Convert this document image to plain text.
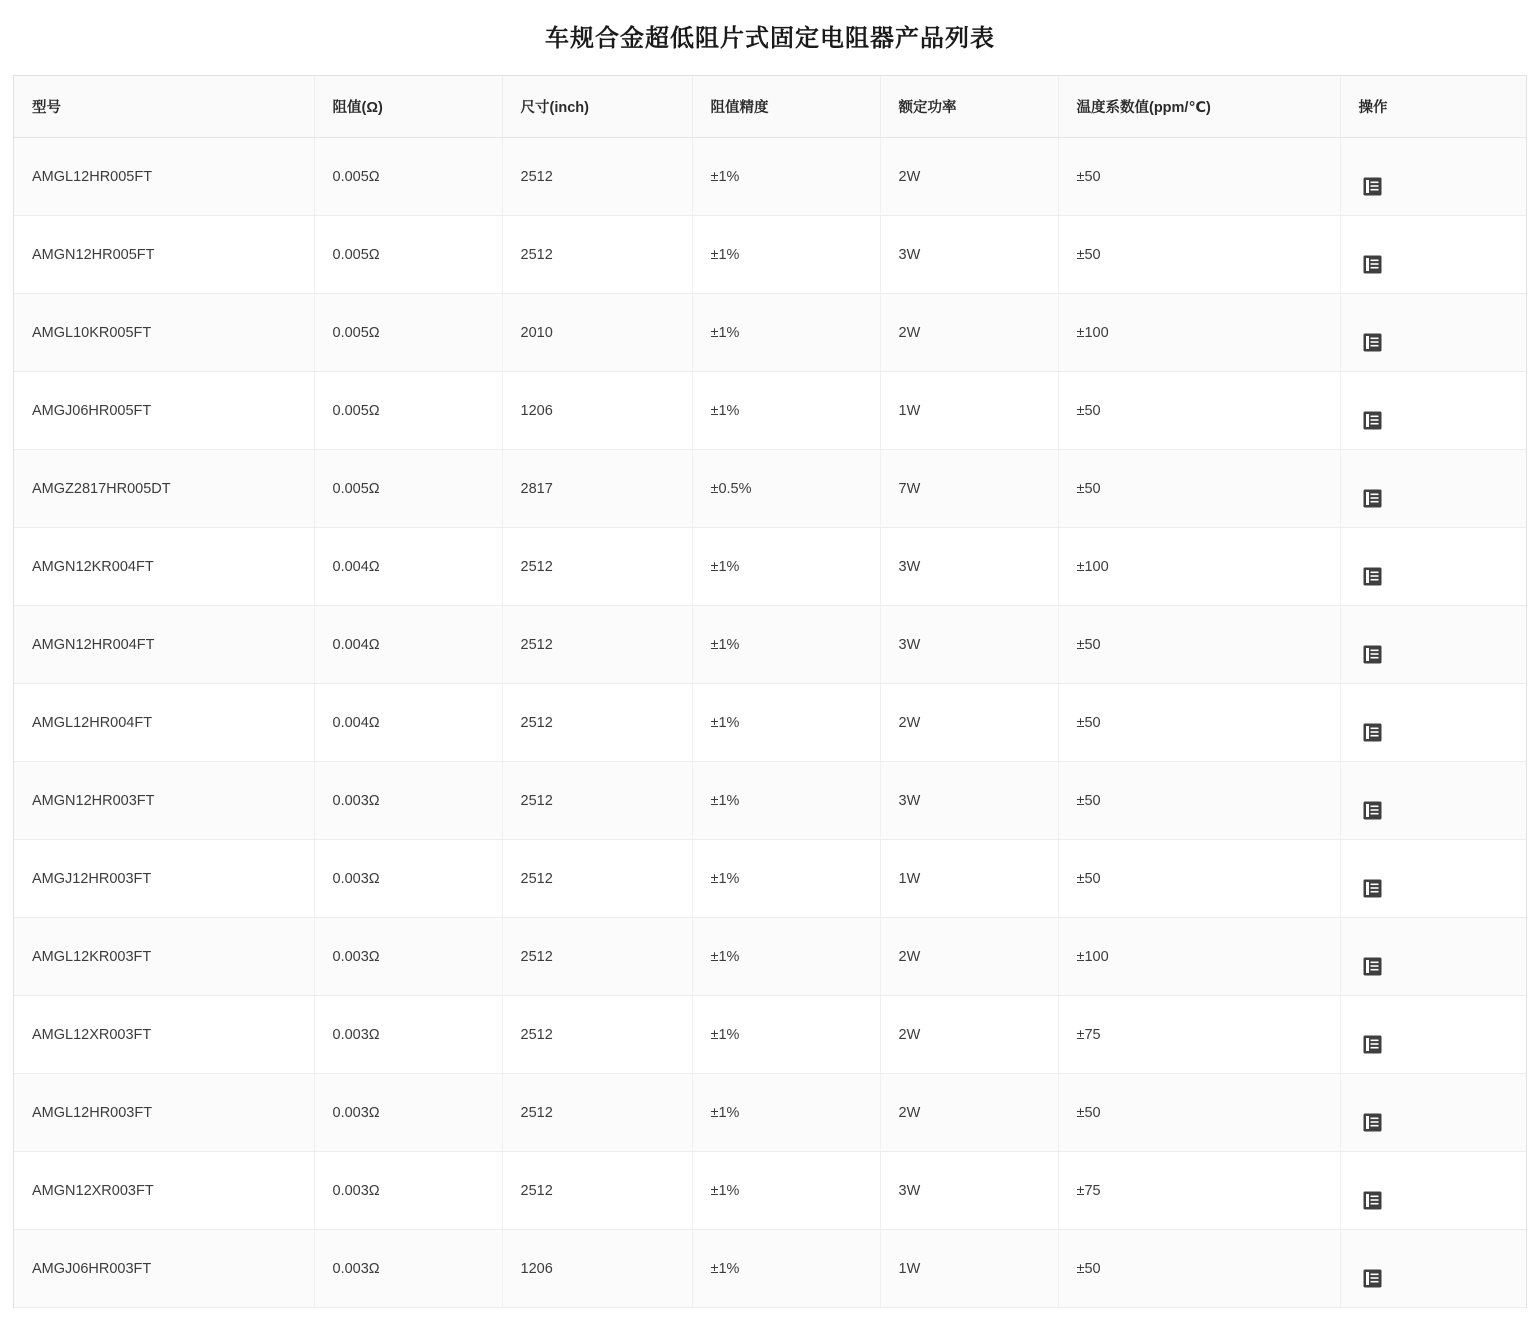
车规合金超低阻片式固定电阻器产品列表
型号	阻值(Ω)	尺寸(inch)	阻值精度	额定功率	温度系数值(ppm/℃)	操作
AMGL12HR005FT	0.005Ω	2512	±1%	2W	±50	

AMGN12HR005FT	0.005Ω	2512	±1%	3W	±50	

AMGL10KR005FT	0.005Ω	2010	±1%	2W	±100	

AMGJ06HR005FT	0.005Ω	1206	±1%	1W	±50	

AMGZ2817HR005DT	0.005Ω	2817	±0.5%	7W	±50	

AMGN12KR004FT	0.004Ω	2512	±1%	3W	±100	

AMGN12HR004FT	0.004Ω	2512	±1%	3W	±50	

AMGL12HR004FT	0.004Ω	2512	±1%	2W	±50	

AMGN12HR003FT	0.003Ω	2512	±1%	3W	±50	

AMGJ12HR003FT	0.003Ω	2512	±1%	1W	±50	

AMGL12KR003FT	0.003Ω	2512	±1%	2W	±100	

AMGL12XR003FT	0.003Ω	2512	±1%	2W	±75	

AMGL12HR003FT	0.003Ω	2512	±1%	2W	±50	

AMGN12XR003FT	0.003Ω	2512	±1%	3W	±75	

AMGJ06HR003FT	0.003Ω	1206	±1%	1W	±50	
